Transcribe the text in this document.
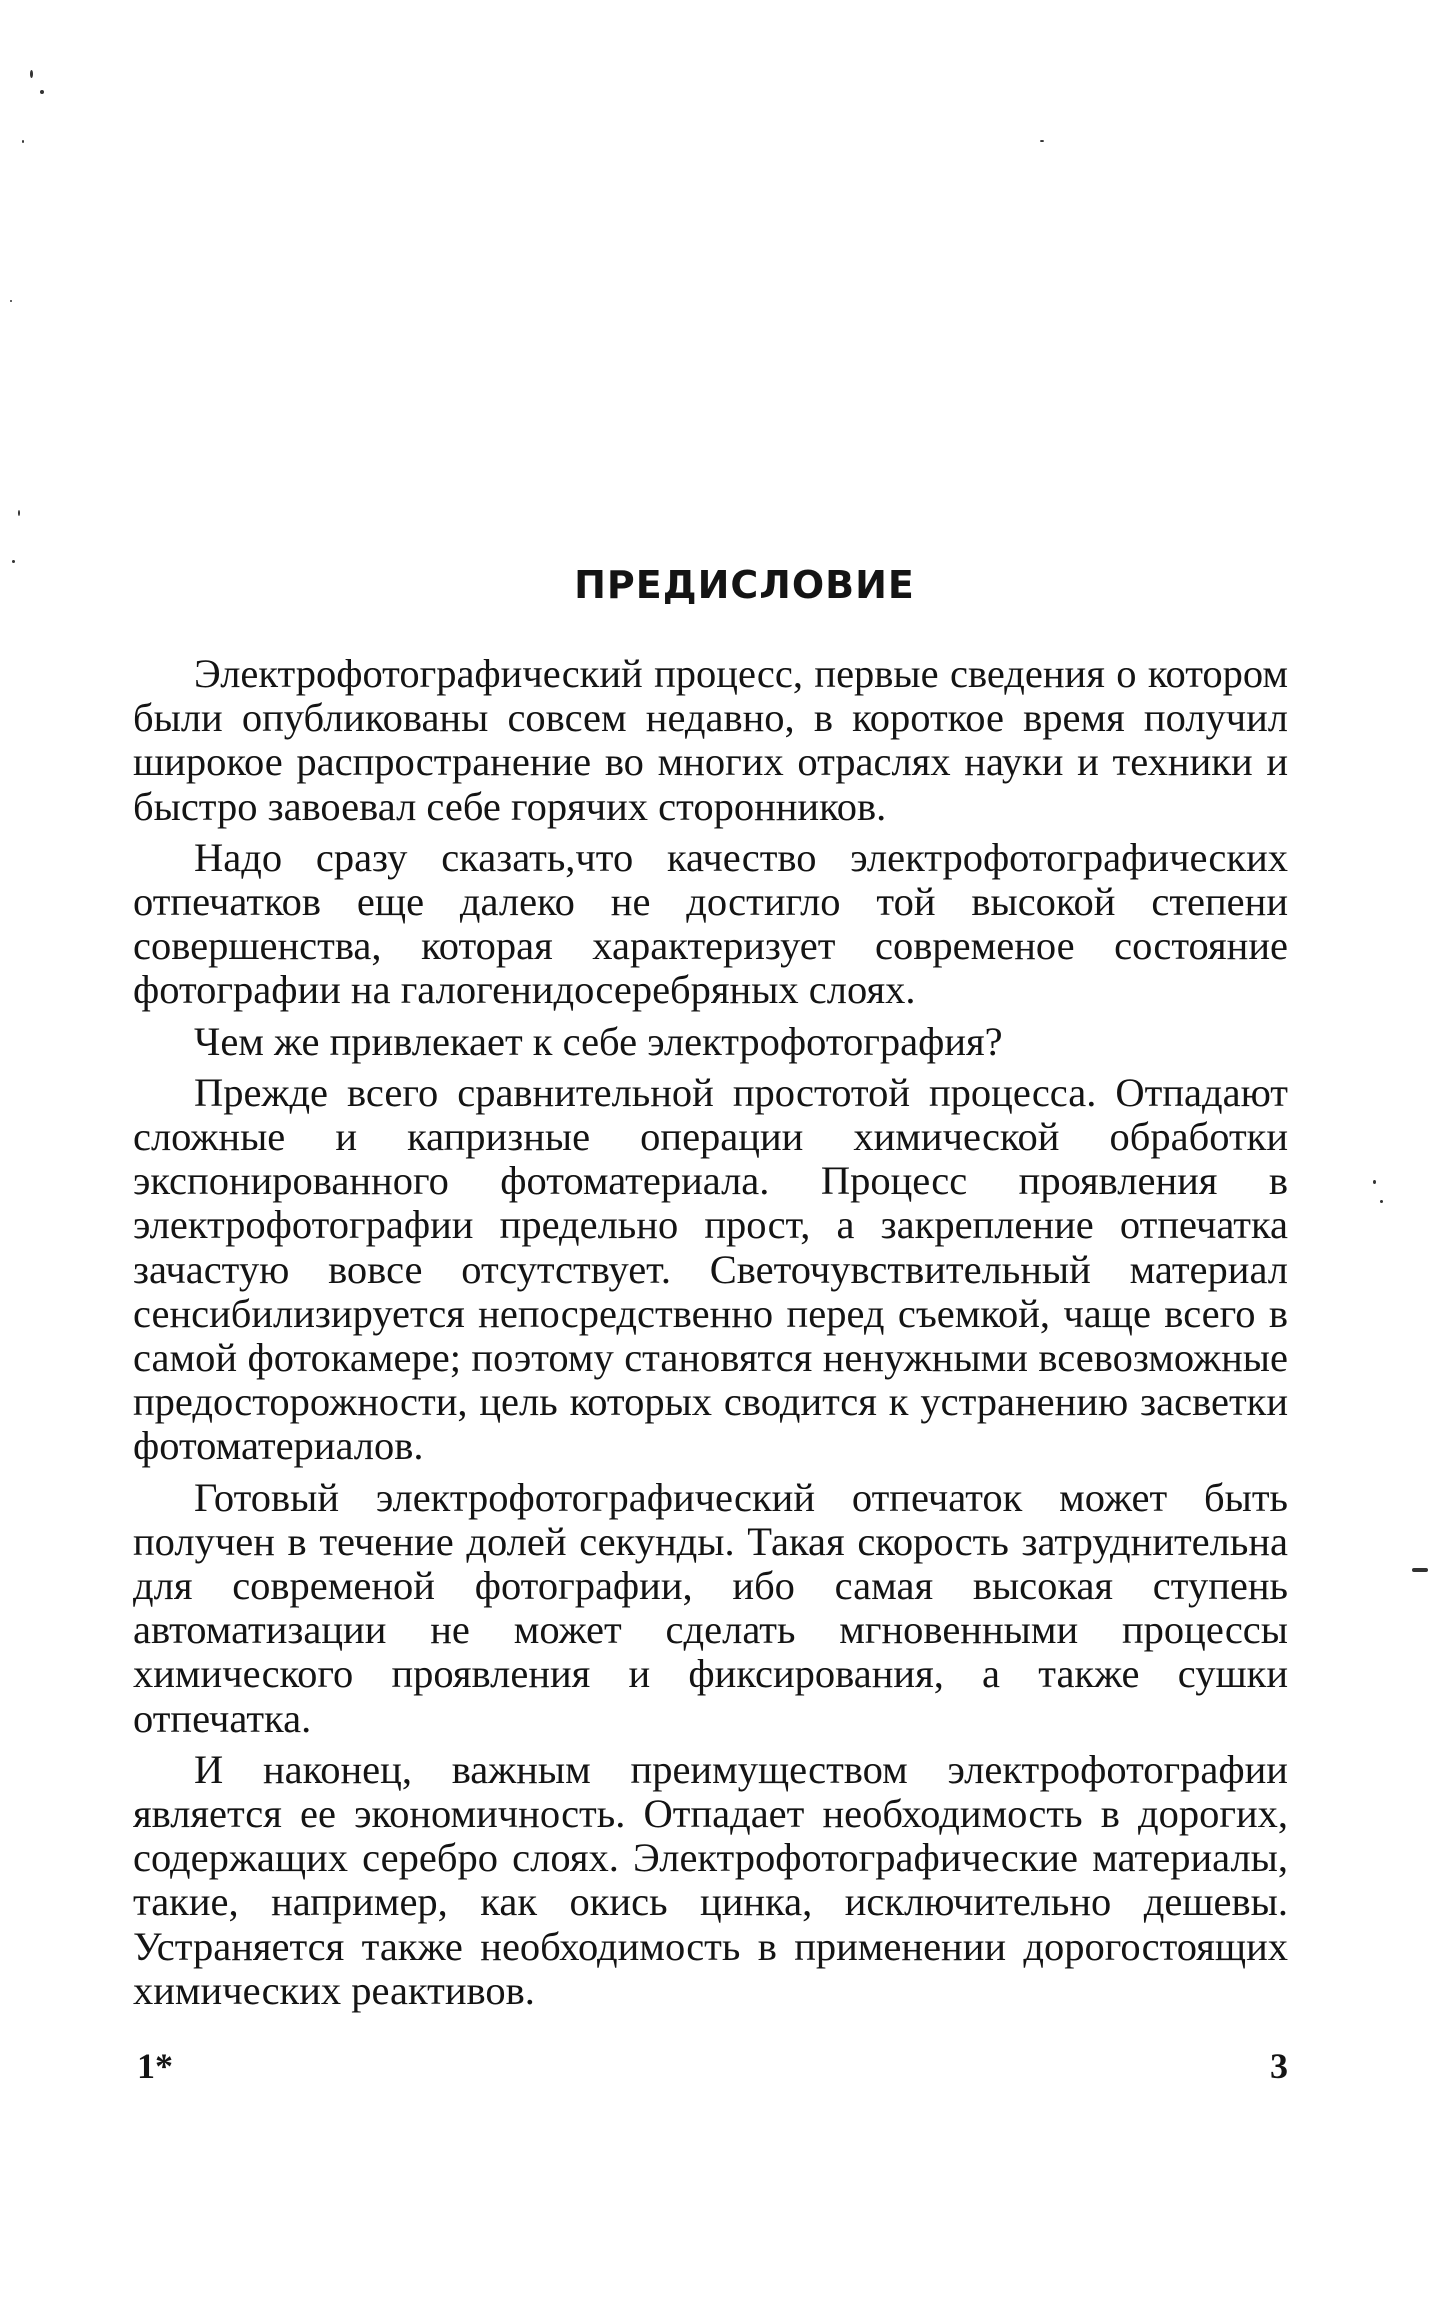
ПРЕДИСЛОВИЕ

Электрофотографический процесс, первые сведения о котором были опубликованы совсем недавно, в короткое время получил широкое распространение во многих отраслях науки и техники и быстро завоевал себе горячих сторонников.

Надо сразу сказать,что качество электрофотографических отпечатков еще далеко не достигло той высокой степени совершенства, которая характеризует современое состояние фотографии на галогенидосеребряных слоях.

Чем же привлекает к себе электрофотография?

Прежде всего сравнительной простотой процесса. Отпадают сложные и капризные операции химической обработки экспонированного фотоматериала. Процесс проявления в электрофотографии предельно прост, а закрепление отпечатка зачастую вовсе отсутствует. Светочувствительный материал сенсибилизируется непосредственно перед съемкой, чаще всего в самой фотокамере; поэтому становятся ненужными всевозможные предосторожности, цель которых сводится к устранению засветки фотоматериалов.

Готовый электрофотографический отпечаток может быть получен в течение долей секунды. Такая скорость затруднительна для современой фотографии, ибо самая высокая ступень автоматизации не может сделать мгновенными процессы химического проявления и фиксирования, а также сушки отпечатка.

И наконец, важным преимуществом электрофотографии является ее экономичность. Отпадает необходимость в дорогих, содержащих серебро слоях. Электрофотографические материалы, такие, например, как окись цинка, исключительно дешевы. Устраняется также необходимость в применении дорогостоящих химических реактивов.

1*	3
